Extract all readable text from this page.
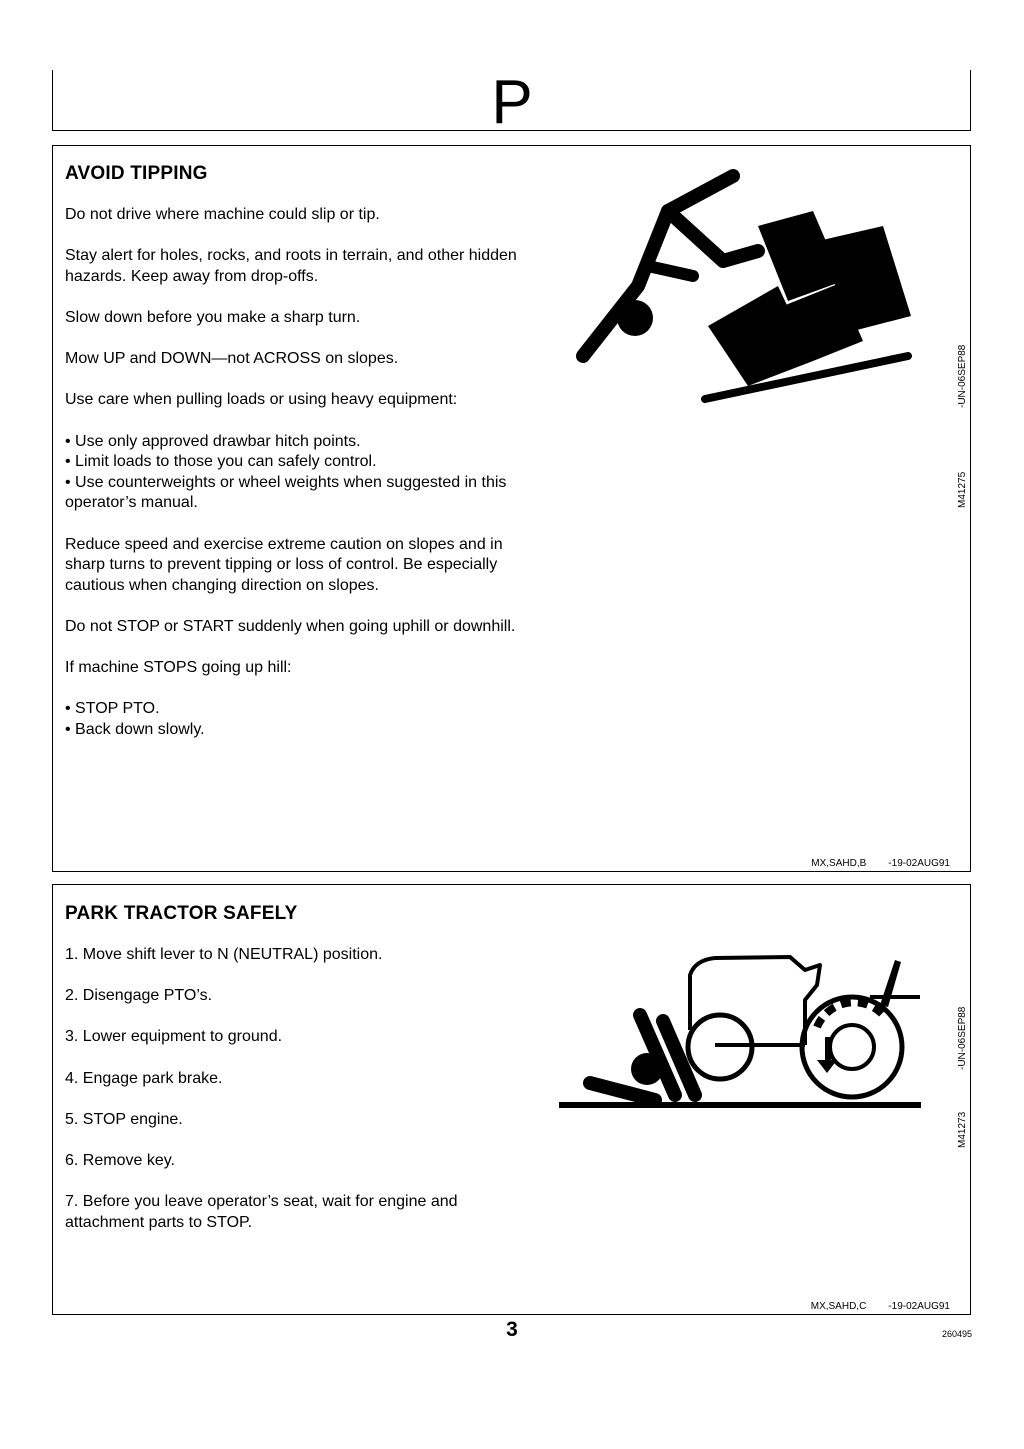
P
AVOID TIPPING

Do not drive where machine could slip or tip.

Stay alert for holes, rocks, and roots in terrain, and other hidden hazards. Keep away from drop-offs.

Slow down before you make a sharp turn.

Mow UP and DOWN—not ACROSS on slopes.

Use care when pulling loads or using heavy equipment:

• Use only approved drawbar hitch points.

• Limit loads to those you can safely control.

• Use counterweights or wheel weights when suggested in this operator’s manual.

Reduce speed and exercise extreme caution on slopes and in sharp turns to prevent tipping or loss of control. Be especially cautious when changing direction on slopes.

Do not STOP or START suddenly when going uphill or downhill.

If machine STOPS going up hill:

• STOP PTO.

• Back down slowly.

-UN-06SEP88
M41275
MX,SAHD,B -19-02AUG91
PARK TRACTOR SAFELY

1. Move shift lever to N (NEUTRAL) position.

2. Disengage PTO’s.

3. Lower equipment to ground.

4. Engage park brake.

5. STOP engine.

6. Remove key.

7. Before you leave operator’s seat, wait for engine and attachment parts to STOP.

-UN-06SEP88
M41273
MX,SAHD,C -19-02AUG91
3	260495
